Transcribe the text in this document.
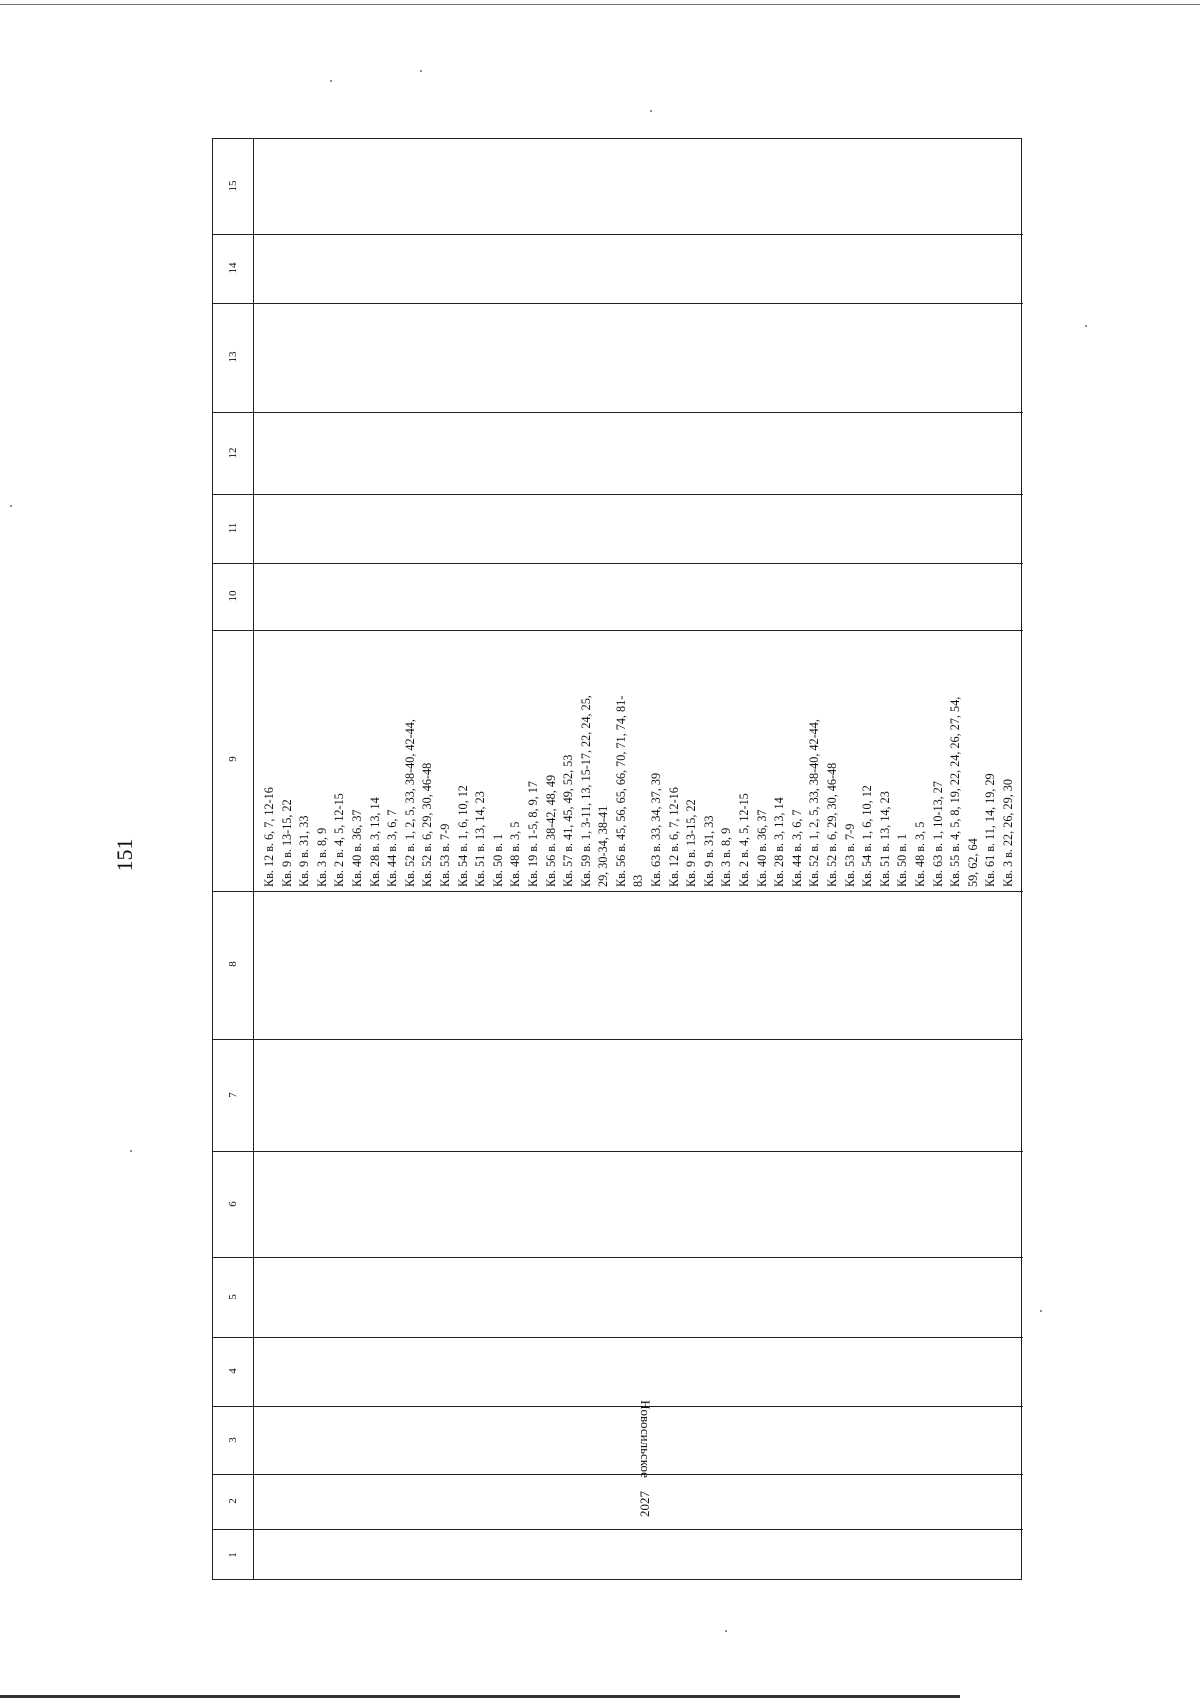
151
15
14
13
12
11
10
9
8
7
6
5
4
3
2
1
2027
Новосильское
Кв. 12 в. 6, 7, 12-16 Кв. 9 в. 13-15, 22 Кв. 9 в. 31, 33 Кв. 3 в. 8, 9 Кв. 2 в. 4, 5, 12-15 Кв. 40 в. 36, 37 Кв. 28 в. 3, 13, 14 Кв. 44 в. 3, 6, 7 Кв. 52 в. 1, 2, 5, 33, 38-40, 42-44, Кв. 52 в. 6, 29, 30, 46-48 Кв. 53 в. 7-9 Кв. 54 в. 1, 6, 10, 12 Кв. 51 в. 13, 14, 23 Кв. 50 в. 1 Кв. 48 в. 3, 5 Кв. 19 в. 1-5, 8, 9, 17 Кв. 56 в. 38-42, 48, 49 Кв. 57 в. 41, 45, 49, 52, 53 Кв. 59 в. 1, 3-11, 13, 15-17, 22, 24, 25, 29, 30-34, 38-41 Кв. 56 в. 45, 56, 65, 66, 70, 71, 74, 81- 83 Кв. 63 в. 33, 34, 37, 39 Кв. 12 в. 6, 7, 12-16 Кв. 9 в. 13-15, 22 Кв. 9 в. 31, 33 Кв. 3 в. 8, 9 Кв. 2 в. 4, 5, 12-15 Кв. 40 в. 36, 37 Кв. 28 в. 3, 13, 14 Кв. 44 в. 3, 6, 7 Кв. 52 в. 1, 2, 5, 33, 38-40, 42-44, Кв. 52 в. 6, 29, 30, 46-48 Кв. 53 в. 7-9 Кв. 54 в. 1, 6, 10, 12 Кв. 51 в. 13, 14, 23 Кв. 50 в. 1 Кв. 48 в. 3, 5 Кв. 63 в. 1, 10-13, 27 Кв. 55 в. 4, 5, 8, 19, 22, 24, 26, 27, 54, 59, 62, 64 Кв. 61 в. 11, 14, 19, 29 Кв. 3 в. 22, 26, 29, 30
